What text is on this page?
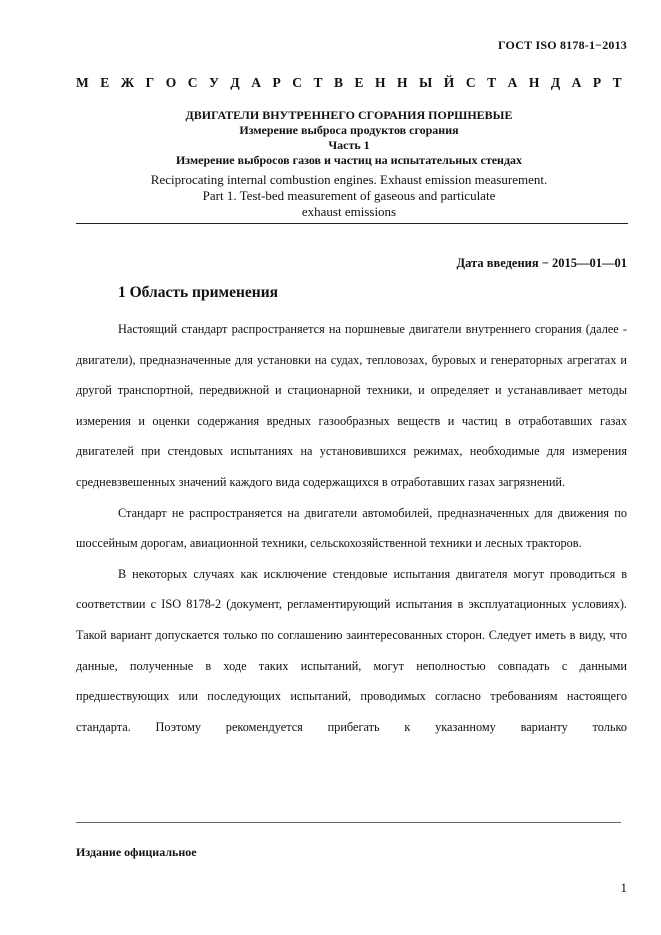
ГОСТ ISO 8178-1−2013
М Е Ж Г О С У Д А Р С Т В Е Н Н Ы Й С Т А Н Д А Р Т
ДВИГАТЕЛИ ВНУТРЕННЕГО СГОРАНИЯ ПОРШНЕВЫЕ
Измерение выброса продуктов сгорания
Часть 1
Измерение выбросов газов и частиц на испытательных стендах
Reciprocating internal combustion engines. Exhaust emission measurement.
Part 1. Test-bed measurement of gaseous and particulate
exhaust emissions
Дата введения − 2015—01—01
1 Область применения

Настоящий стандарт распространяется на поршневые двигатели внутреннего сгорания (далее - двигатели), предназначенные для установки на судах, тепловозах, буровых и генераторных агрегатах и другой транспортной, передвижной и стационарной техники, и определяет и устанавливает методы измерения и оценки содержания вредных газообразных веществ и частиц в отработавших газах двигателей при стендовых испытаниях на установившихся режимах, необходимые для измерения средневзвешенных значений каждого вида содержащихся в отработавших газах загрязнений.

Стандарт не распространяется на двигатели автомобилей, предназначенных для движения по шоссейным дорогам, авиационной техники, сельскохозяйственной техники и лесных тракторов.

В некоторых случаях как исключение стендовые испытания двигателя могут проводиться в соответствии с ISO 8178-2 (документ, регламентирующий испытания в эксплуатационных условиях). Такой вариант допускается только по соглашению заинтересованных сторон. Следует иметь в виду, что данные, полученные в ходе таких испытаний, могут неполностью совпадать с данными предшествующих или последующих испытаний, проводимых согласно требованиям настоящего стандарта. Поэтому рекомендуется прибегать к указанному варианту только

Издание официальное
1
